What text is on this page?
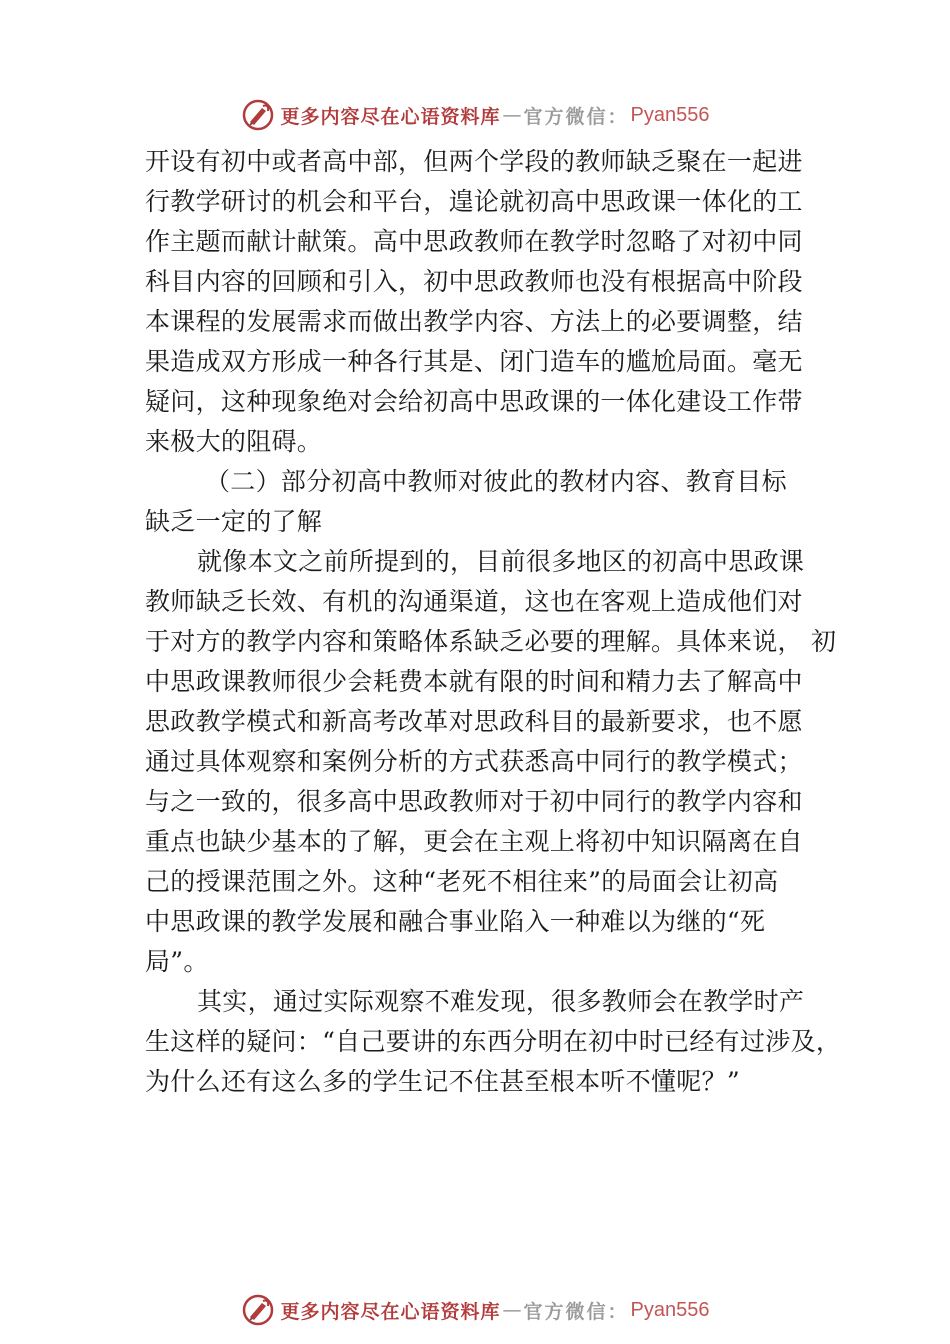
更多内容尽在心语资料库 — 官方微信： Pyan556
开设有初中或者高中部，但两个学段的教师缺乏聚在一起进
行教学研讨的机会和平台，遑论就初高中思政课一体化的工
作主题而献计献策。高中思政教师在教学时忽略了对初中同
科目内容的回顾和引入，初中思政教师也没有根据高中阶段
本课程的发展需求而做出教学内容、方法上的必要调整，结
果造成双方形成一种各行其是、闭门造车的尴尬局面。毫无
疑问，这种现象绝对会给初高中思政课的一体化建设工作带
来极大的阻碍。
（二）部分初高中教师对彼此的教材内容、教育目标
缺乏一定的了解
就像本文之前所提到的，目前很多地区的初高中思政课
教师缺乏长效、有机的沟通渠道，这也在客观上造成他们对
于对方的教学内容和策略体系缺乏必要的理解。具体来说， 初
中思政课教师很少会耗费本就有限的时间和精力去了解高中
思政教学模式和新高考改革对思政科目的最新要求，也不愿
通过具体观察和案例分析的方式获悉高中同行的教学模式；
与之一致的，很多高中思政教师对于初中同行的教学内容和
重点也缺少基本的了解，更会在主观上将初中知识隔离在自
己的授课范围之外。这种“老死不相往来”的局面会让初高
中思政课的教学发展和融合事业陷入一种难以为继的“死
局”。
其实，通过实际观察不难发现，很多教师会在教学时产
生这样的疑问：“自己要讲的东西分明在初中时已经有过涉及，
为什么还有这么多的学生记不住甚至根本听不懂呢？”
更多内容尽在心语资料库 — 官方微信： Pyan556
